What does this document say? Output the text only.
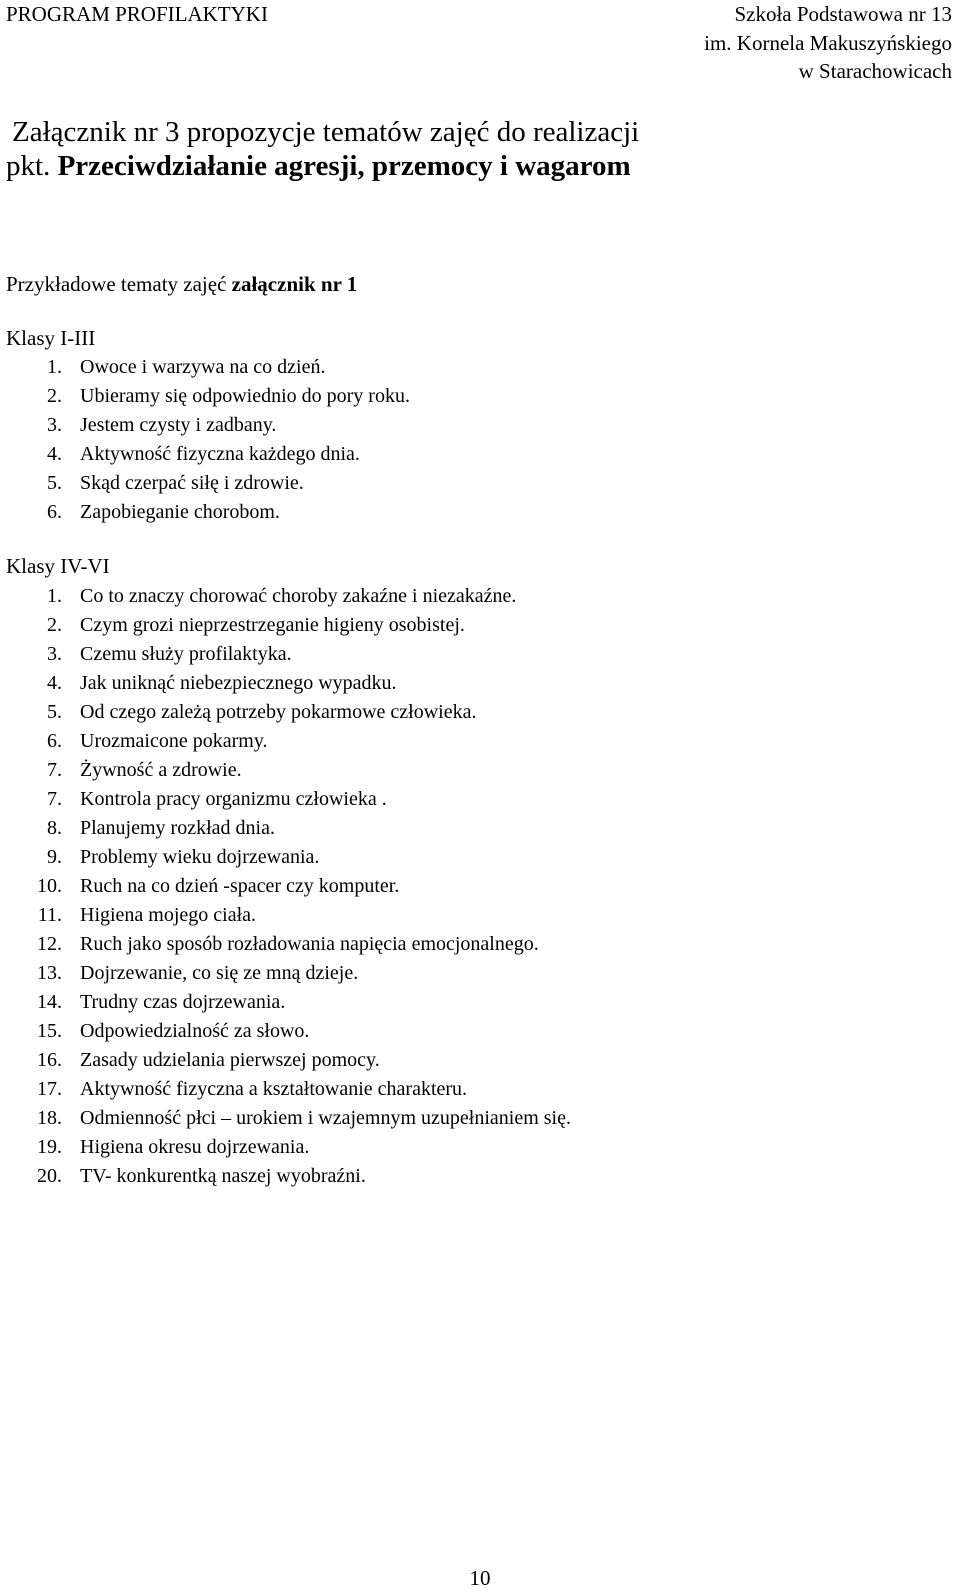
PROGRAM PROFILAKTYKI	Szkoła Podstawowa nr 13
im. Kornela Makuszyńskiego
w Starachowicach
Załącznik nr 3 propozycje tematów zajęć do realizacji
pkt. Przeciwdziałanie agresji, przemocy i wagarom
Przykładowe tematy zajęć załącznik nr 1
Klasy I-III
1. Owoce i warzywa na co dzień.
2. Ubieramy się odpowiednio do pory roku.
3. Jestem czysty i zadbany.
4. Aktywność fizyczna każdego dnia.
5. Skąd czerpać siłę i zdrowie.
6. Zapobieganie chorobom.
Klasy IV-VI
1. Co to znaczy chorować choroby zakaźne i niezakaźne.
2. Czym grozi nieprzestrzeganie higieny osobistej.
3. Czemu służy profilaktyka.
4. Jak uniknąć niebezpiecznego wypadku.
5. Od czego zależą potrzeby pokarmowe człowieka.
6. Urozmaicone pokarmy.
7. Żywność a zdrowie.
7. Kontrola pracy organizmu człowieka .
8. Planujemy rozkład dnia.
9. Problemy wieku dojrzewania.
10. Ruch na co dzień -spacer czy komputer.
11. Higiena mojego ciała.
12. Ruch jako sposób rozładowania napięcia emocjonalnego.
13. Dojrzewanie, co się ze mną dzieje.
14. Trudny czas dojrzewania.
15. Odpowiedzialność za słowo.
16. Zasady udzielania pierwszej pomocy.
17. Aktywność fizyczna a kształtowanie charakteru.
18. Odmienność płci – urokiem i wzajemnym uzupełnianiem się.
19. Higiena okresu dojrzewania.
20. TV- konkurentką naszej wyobraźni.
10
